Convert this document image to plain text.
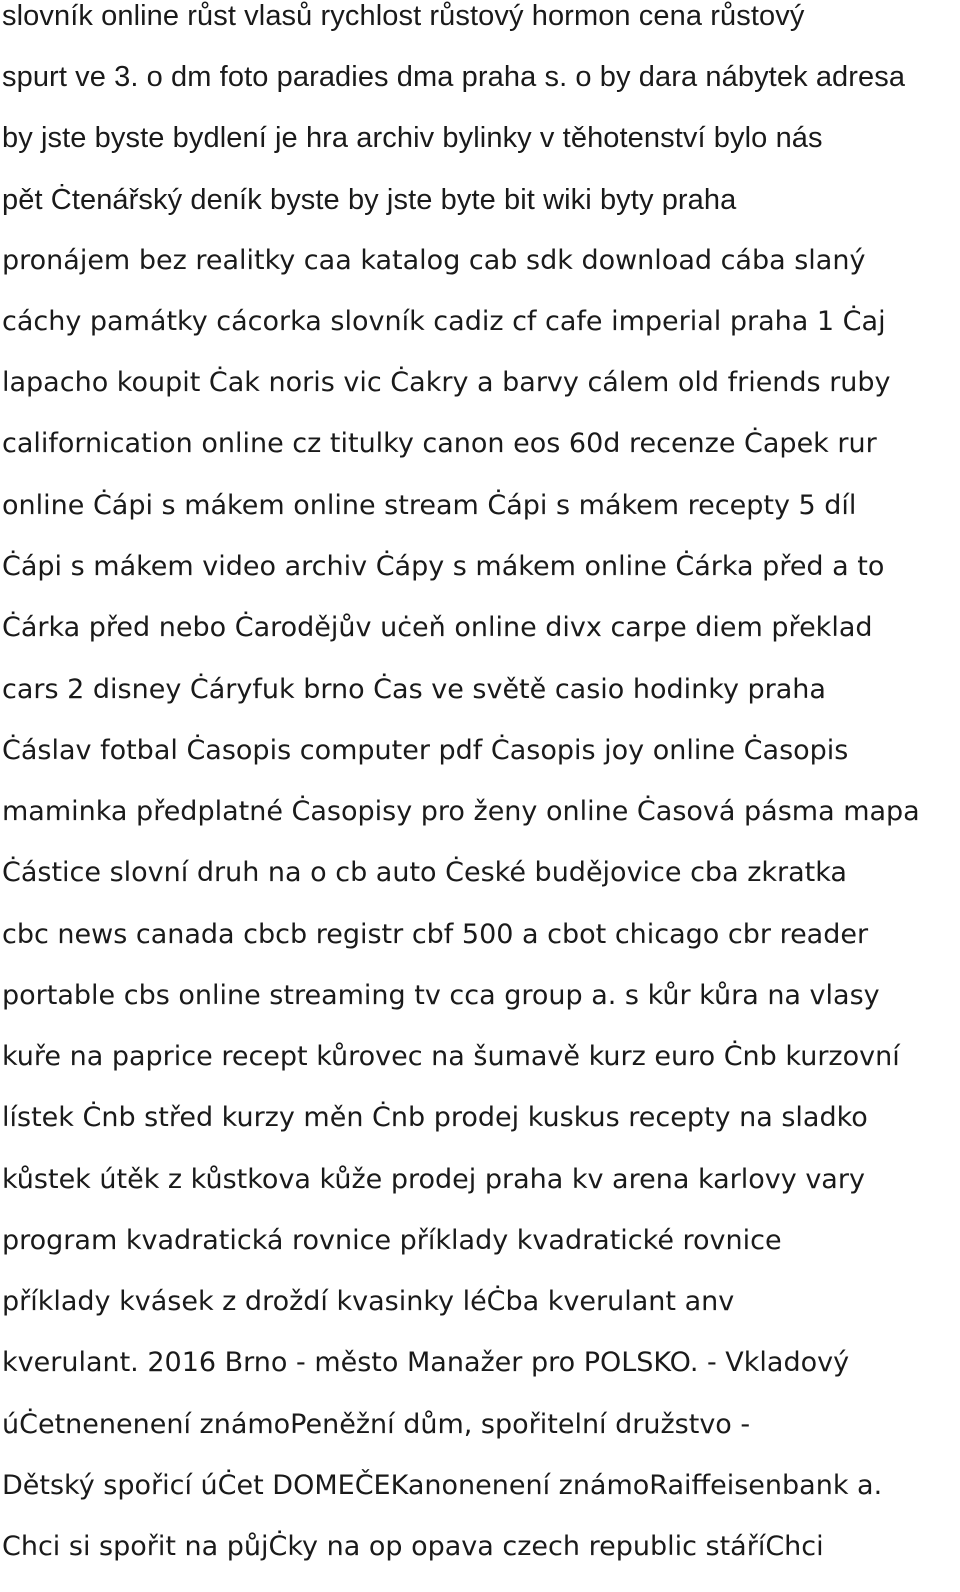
slovník online růst vlasů rychlost růstový hormon cena růstový
spurt ve 3. o dm foto paradies dma praha s. o by dara nábytek adresa
by jste byste bydlení je hra archiv bylinky v těhotenství bylo nás
pět Ċtenářský deník byste by jste byte bit wiki byty praha
pronájem bez realitky caa katalog cab sdk download cába slaný
cáchy památky cácorka slovník cadiz cf cafe imperial praha 1 Ċaj
lapacho koupit Ċak noris vic Ċakry a barvy cálem old friends ruby
californication online cz titulky canon eos 60d recenze Ċapek rur
online Ċápi s mákem online stream Ċápi s mákem recepty 5 díl
Ċápi s mákem video archiv Ċápy s mákem online Ċárka před a to
Ċárka před nebo Ċarodějův uċeň online divx carpe diem překlad
cars 2 disney Ċáryfuk brno Ċas ve světě casio hodinky praha
Ċáslav fotbal Ċasopis computer pdf Ċasopis joy online Ċasopis
maminka předplatné Ċasopisy pro ženy online Ċasová pásma mapa
Ċástice slovní druh na o cb auto Ċeské budějovice cba zkratka
cbc news canada cbcb registr cbf 500 a cbot chicago cbr reader
portable cbs online streaming tv cca group a. s kůr kůra na vlasy
kuře na paprice recept kůrovec na šumavě kurz euro Ċnb kurzovní
lístek Ċnb střed kurzy měn Ċnb prodej kuskus recepty na sladko
kůstek útěk z kůstkova kůže prodej praha kv arena karlovy vary
program kvadratická rovnice příklady kvadratické rovnice
příklady kvásek z droždí kvasinky léĊba kverulant anv
kverulant. 2016 Brno - město Manažer pro POLSKO. - Vkladový
úĊetnenenení známoPeněžní dům, spořitelní družstvo -
Dětský spořicí úĊet DOMEČEKanonenení známoRaiffeisenbank a.
Chci si spořit na půjĊky na op opava czech republic stáříChci
